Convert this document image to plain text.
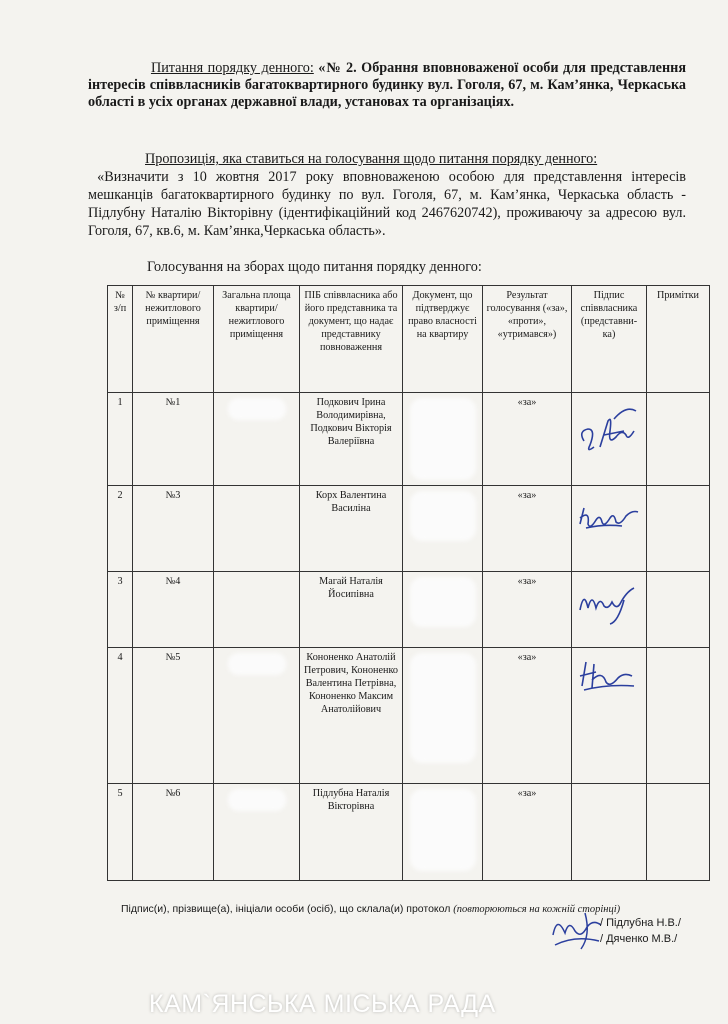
Питання порядку денного: «№ 2. Обрання вповноваженої особи для представлення інтересів співвласників багатоквартирного будинку вул. Гоголя, 67, м. Кам’янка, Черкаська області в усіх органах державної влади, установах та організаціях.
Пропозиція, яка ставиться на голосування щодо питання порядку денного:
«Визначити з 10 жовтня 2017 року вповноваженою особою для представлення інтересів мешканців багатоквартирного будинку по вул. Гоголя, 67, м. Кам’янка, Черкаська область - Підлубну Наталію Вікторівну (ідентифікаційний код 2467620742), проживаючу за адресою вул. Гоголя, 67, кв.6, м. Кам’янка,Черкаська область».
Голосування на зборах щодо питання порядку денного:
№ з/п	№ квартири/ нежитлового приміщення	Загальна площа квартири/ нежитлового приміщення	ПІБ співвласника або його представника та документ, що надає представнику повноваження	Документ, що підтверджує право власності на квартиру	Результат голосування («за», «проти», «утримався»)	Підпис співвласника (представни-ка)	Примітки
1	№1		Подкович Ірина Володимирівна, Подкович Вікторія Валеріївна		«за»	

2	№3		Корх Валентина Василіна		«за»	

3	№4		Магай Наталія Йосипівна		«за»	

4	№5		Кононенко Анатолій Петрович, Кононенко Валентина Петрівна, Кононенко Максим Анатолійович		«за»	

5	№6		Підлубна Наталія Вікторівна		«за»		
Підпис(и), прізвище(а), ініціали особи (осіб), що склала(и) протокол (повторюються на кожній сторінці)
/ Підлубна Н.В./
/ Дяченко М.В./
КАМ`ЯНСЬКА МІСЬКА РАДА
